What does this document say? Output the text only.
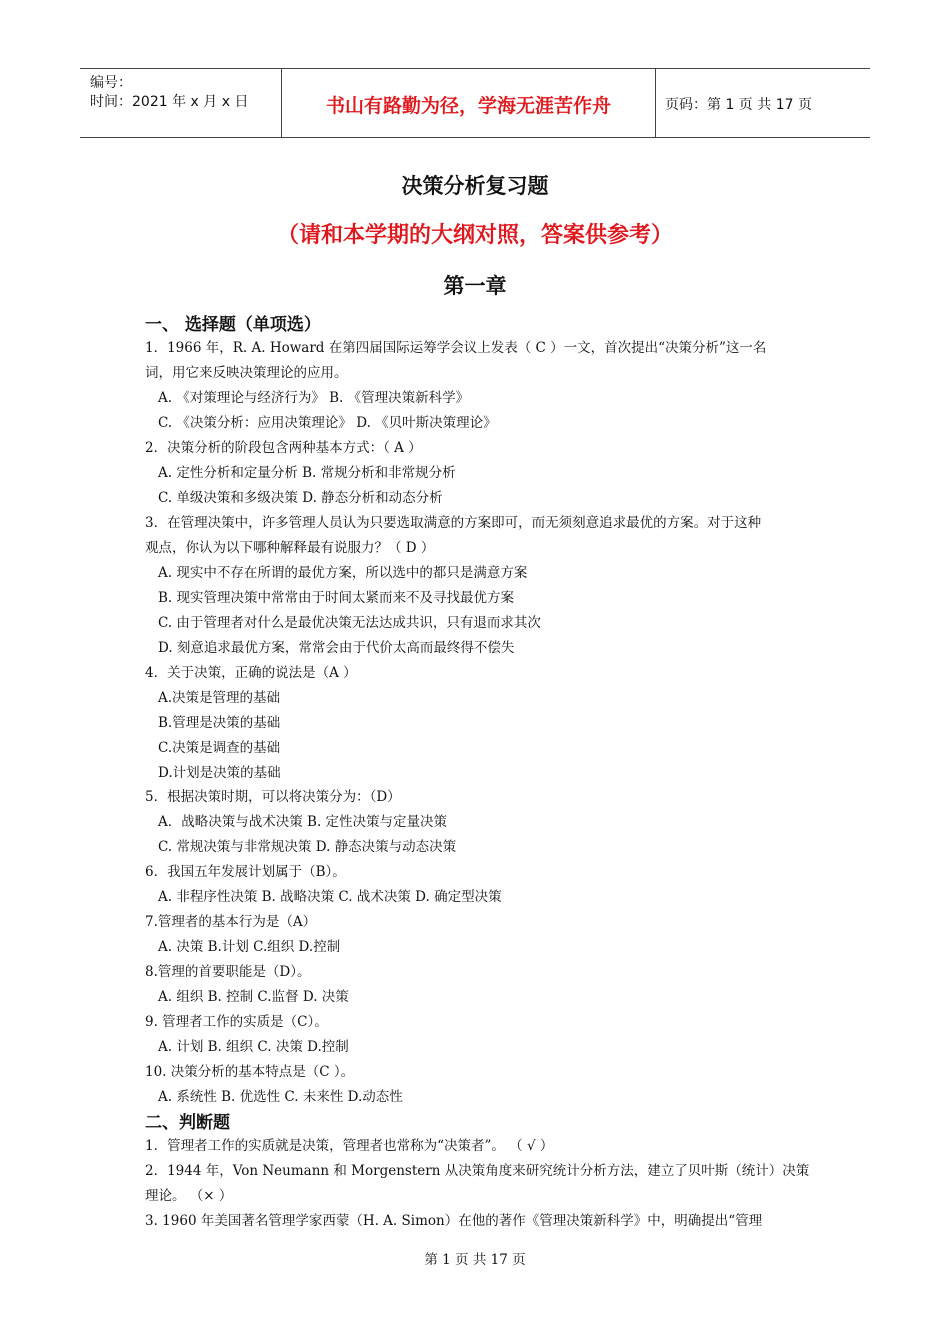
编号：
时间：2021 年 x 月 x 日	书山有路勤为径，学海无涯苦作舟	页码：第 1 页 共 17 页
决策分析复习题
（请和本学期的大纲对照，答案供参考）
第一章
一、 选择题（单项选）
1．1966 年，R. A. Howard 在第四届国际运筹学会议上发表（ C ）一文，首次提出“决策分析”这一名
词，用它来反映决策理论的应用。
A. 《对策理论与经济行为》 B. 《管理决策新科学》
C. 《决策分析：应用决策理论》 D. 《贝叶斯决策理论》
2．决策分析的阶段包含两种基本方式：（ A ）
A. 定性分析和定量分析 B. 常规分析和非常规分析
C. 单级决策和多级决策 D. 静态分析和动态分析
3．在管理决策中，许多管理人员认为只要选取满意的方案即可，而无须刻意追求最优的方案。对于这种
观点，你认为以下哪种解释最有说服力？（ D ）
A. 现实中不存在所谓的最优方案，所以选中的都只是满意方案
B. 现实管理决策中常常由于时间太紧而来不及寻找最优方案
C. 由于管理者对什么是最优决策无法达成共识，只有退而求其次
D. 刻意追求最优方案，常常会由于代价太高而最终得不偿失
4．关于决策，正确的说法是（A ）
A.决策是管理的基础
B.管理是决策的基础
C.决策是调查的基础
D.计划是决策的基础
5．根据决策时期，可以将决策分为：（D）
A．战略决策与战术决策 B. 定性决策与定量决策
C. 常规决策与非常规决策 D. 静态决策与动态决策
6．我国五年发展计划属于（B）。
A. 非程序性决策 B. 战略决策 C. 战术决策 D. 确定型决策
7.管理者的基本行为是（A）
A. 决策 B.计划 C.组织 D.控制
8.管理的首要职能是（D）。
A. 组织 B. 控制 C.监督 D. 决策
9. 管理者工作的实质是（C）。
A. 计划 B. 组织 C. 决策 D.控制
10. 决策分析的基本特点是（C ）。
A. 系统性 B. 优选性 C. 未来性 D.动态性
二、判断题
1．管理者工作的实质就是决策，管理者也常称为“决策者”。 （ √ ）
2．1944 年，Von Neumann 和 Morgenstern 从决策角度来研究统计分析方法，建立了贝叶斯（统计）决策
理论。 （× ）
3. 1960 年美国著名管理学家西蒙（H. A. Simon）在他的著作《管理决策新科学》中，明确提出“管理
第 1 页 共 17 页
